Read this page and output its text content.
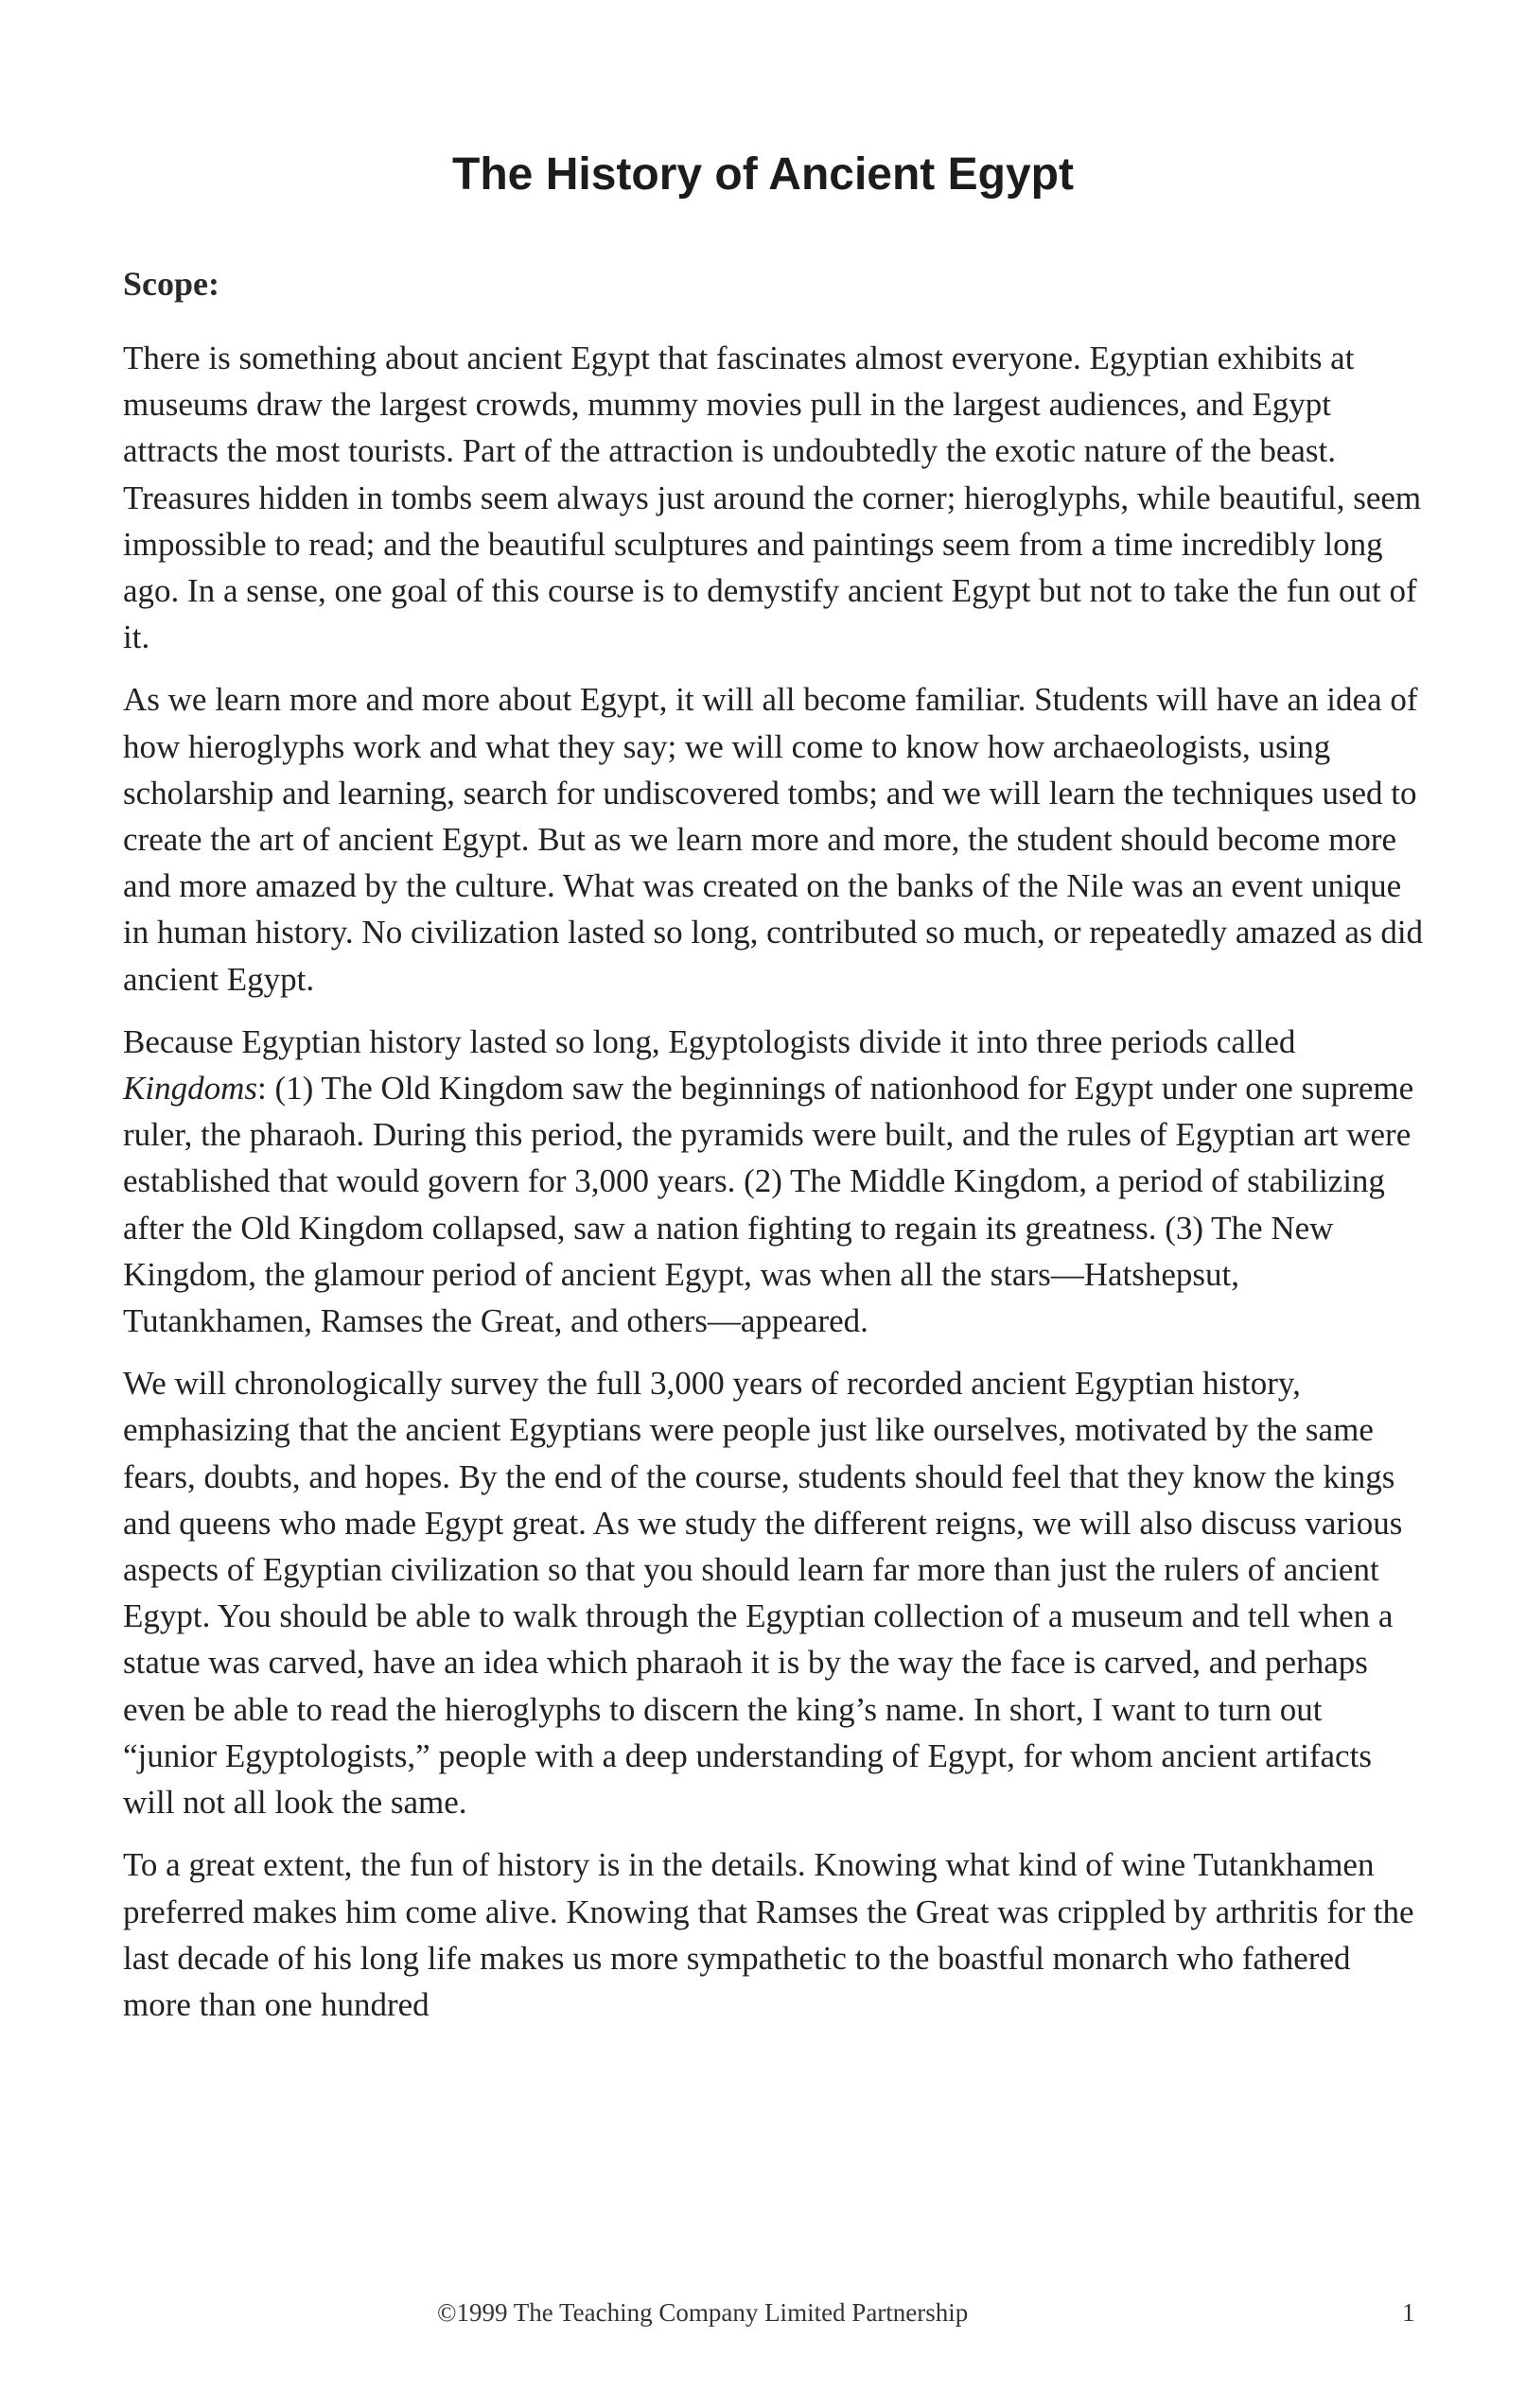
The History of Ancient Egypt
Scope:

There is something about ancient Egypt that fascinates almost everyone. Egyptian exhibits at museums draw the largest crowds, mummy movies pull in the largest audiences, and Egypt attracts the most tourists. Part of the attraction is undoubtedly the exotic nature of the beast. Treasures hidden in tombs seem always just around the corner; hieroglyphs, while beautiful, seem impossible to read; and the beautiful sculptures and paintings seem from a time incredibly long ago. In a sense, one goal of this course is to demystify ancient Egypt but not to take the fun out of it.

As we learn more and more about Egypt, it will all become familiar. Students will have an idea of how hieroglyphs work and what they say; we will come to know how archaeologists, using scholarship and learning, search for undiscovered tombs; and we will learn the techniques used to create the art of ancient Egypt. But as we learn more and more, the student should become more and more amazed by the culture. What was created on the banks of the Nile was an event unique in human history. No civilization lasted so long, contributed so much, or repeatedly amazed as did ancient Egypt.

Because Egyptian history lasted so long, Egyptologists divide it into three periods called Kingdoms: (1) The Old Kingdom saw the beginnings of nationhood for Egypt under one supreme ruler, the pharaoh. During this period, the pyramids were built, and the rules of Egyptian art were established that would govern for 3,000 years. (2) The Middle Kingdom, a period of stabilizing after the Old Kingdom collapsed, saw a nation fighting to regain its greatness. (3) The New Kingdom, the glamour period of ancient Egypt, was when all the stars—Hatshepsut, Tutankhamen, Ramses the Great, and others—appeared.

We will chronologically survey the full 3,000 years of recorded ancient Egyptian history, emphasizing that the ancient Egyptians were people just like ourselves, motivated by the same fears, doubts, and hopes. By the end of the course, students should feel that they know the kings and queens who made Egypt great. As we study the different reigns, we will also discuss various aspects of Egyptian civilization so that you should learn far more than just the rulers of ancient Egypt. You should be able to walk through the Egyptian collection of a museum and tell when a statue was carved, have an idea which pharaoh it is by the way the face is carved, and perhaps even be able to read the hieroglyphs to discern the king’s name. In short, I want to turn out “junior Egyptologists,” people with a deep understanding of Egypt, for whom ancient artifacts will not all look the same.

To a great extent, the fun of history is in the details. Knowing what kind of wine Tutankhamen preferred makes him come alive. Knowing that Ramses the Great was crippled by arthritis for the last decade of his long life makes us more sympathetic to the boastful monarch who fathered more than one hundred

©1999 The Teaching Company Limited Partnership	1
